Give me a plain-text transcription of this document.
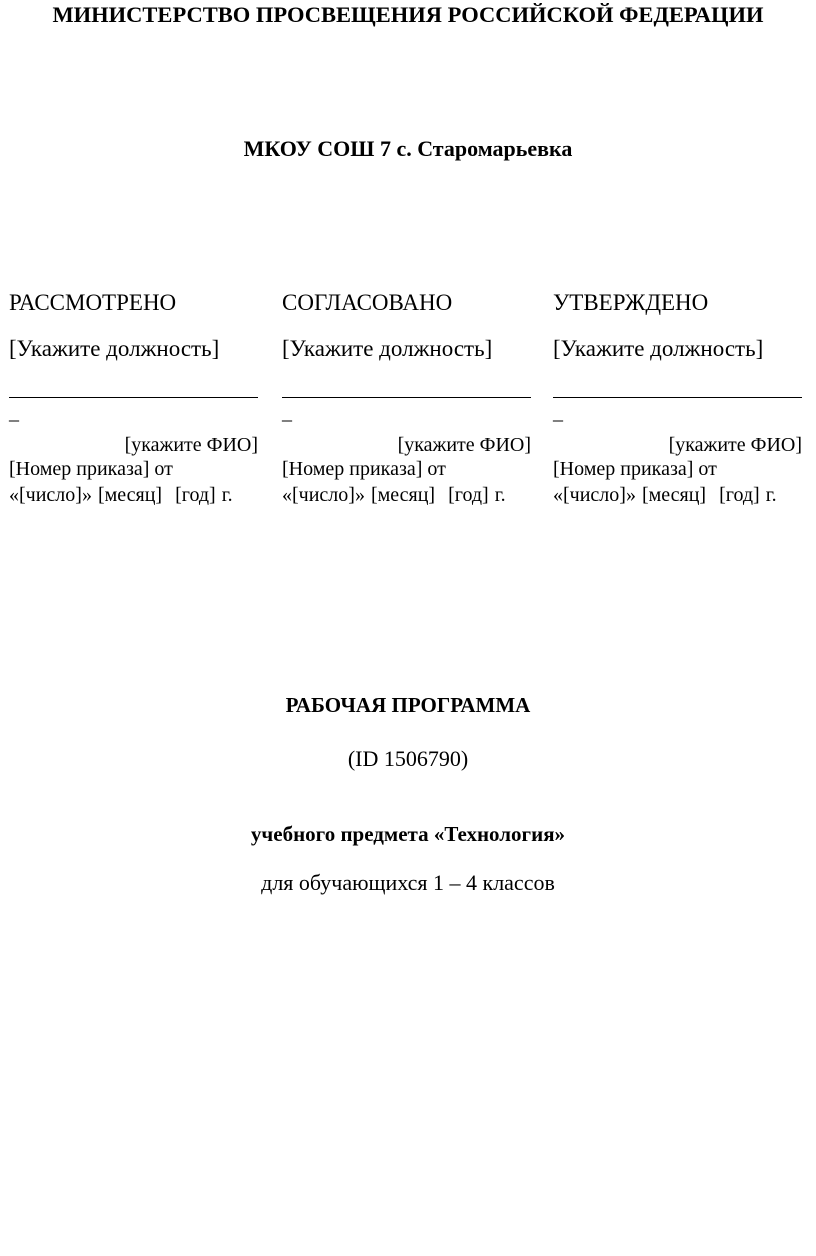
МИНИСТЕРСТВО ПРОСВЕЩЕНИЯ РОССИЙСКОЙ ФЕДЕРАЦИИ
МКОУ СОШ 7 с. Старомарьевка
РАССМОТРЕНО
[Укажите должность]
_
[укажите ФИО]
[Номер приказа] от
«[число]» [месяц] [год] г.
СОГЛАСОВАНО
[Укажите должность]
_
[укажите ФИО]
[Номер приказа] от
«[число]» [месяц] [год] г.
УТВЕРЖДЕНО
[Укажите должность]
_
[укажите ФИО]
[Номер приказа] от
«[число]» [месяц] [год] г.
РАБОЧАЯ ПРОГРАММА
(ID 1506790)
учебного предмета «Технология»
для обучающихся 1 – 4 классов
